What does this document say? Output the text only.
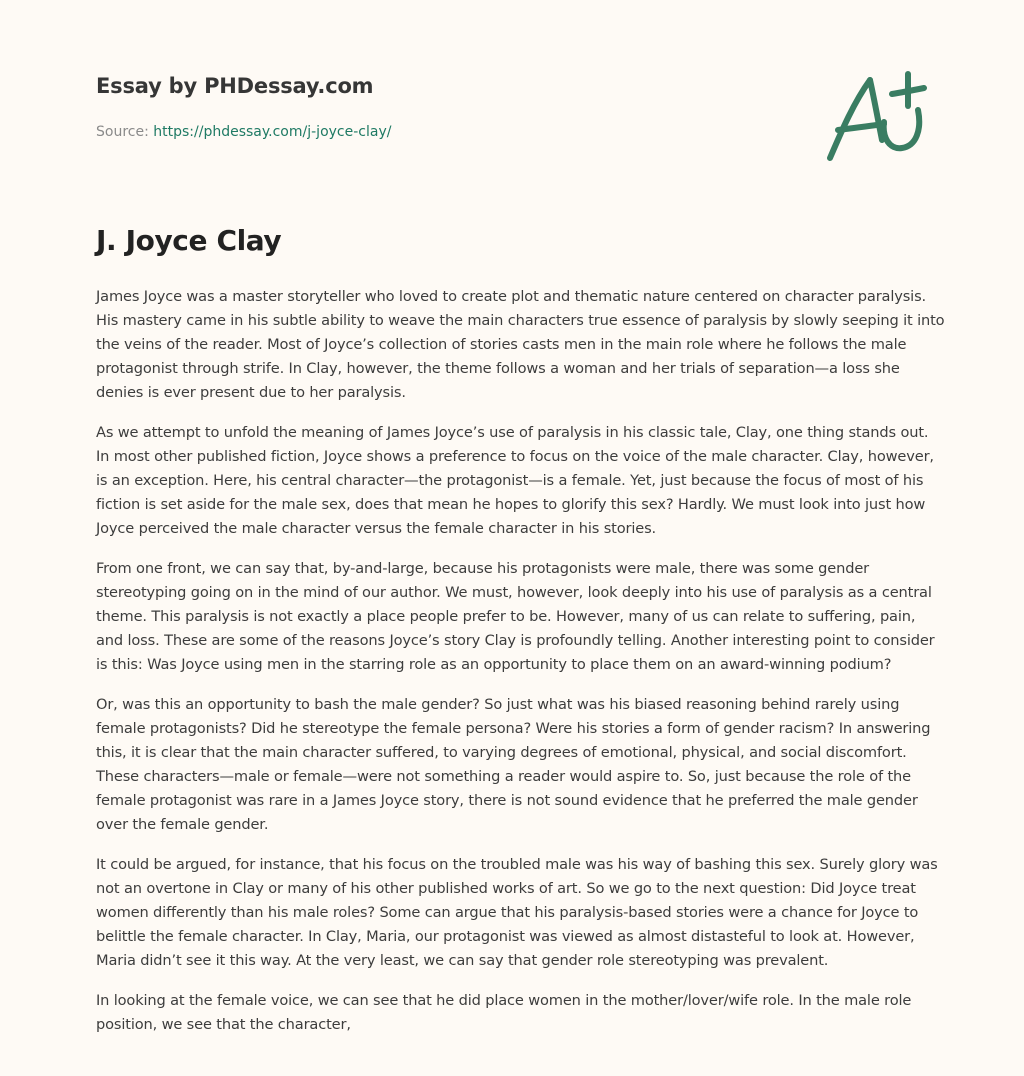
Essay by PHDessay.com
Source: https://phdessay.com/j-joyce-clay/
J. Joyce Clay

James Joyce was a master storyteller who loved to create plot and thematic nature centered on character paralysis. His mastery came in his subtle ability to weave the main characters true essence of paralysis by slowly seeping it into the veins of the reader. Most of Joyce’s collection of stories casts men in the main role where he follows the male protagonist through strife. In Clay, however, the theme follows a woman and her trials of separation—a loss she denies is ever present due to her paralysis.

As we attempt to unfold the meaning of James Joyce’s use of paralysis in his classic tale, Clay, one thing stands out. In most other published fiction, Joyce shows a preference to focus on the voice of the male character. Clay, however, is an exception. Here, his central character—the protagonist—is a female. Yet, just because the focus of most of his fiction is set aside for the male sex, does that mean he hopes to glorify this sex? Hardly. We must look into just how Joyce perceived the male character versus the female character in his stories.

From one front, we can say that, by-and-large, because his protagonists were male, there was some gender stereotyping going on in the mind of our author. We must, however, look deeply into his use of paralysis as a central theme. This paralysis is not exactly a place people prefer to be. However, many of us can relate to suffering, pain, and loss. These are some of the reasons Joyce’s story Clay is profoundly telling. Another interesting point to consider is this: Was Joyce using men in the starring role as an opportunity to place them on an award-winning podium?

Or, was this an opportunity to bash the male gender? So just what was his biased reasoning behind rarely using female protagonists? Did he stereotype the female persona? Were his stories a form of gender racism? In answering this, it is clear that the main character suffered, to varying degrees of emotional, physical, and social discomfort. These characters—male or female—were not something a reader would aspire to. So, just because the role of the female protagonist was rare in a James Joyce story, there is not sound evidence that he preferred the male gender over the female gender.

It could be argued, for instance, that his focus on the troubled male was his way of bashing this sex. Surely glory was not an overtone in Clay or many of his other published works of art. So we go to the next question: Did Joyce treat women differently than his male roles? Some can argue that his paralysis-based stories were a chance for Joyce to belittle the female character. In Clay, Maria, our protagonist was viewed as almost distasteful to look at. However, Maria didn’t see it this way. At the very least, we can say that gender role stereotyping was prevalent.

In looking at the female voice, we can see that he did place women in the mother/lover/wife role. In the male role position, we see that the character,
